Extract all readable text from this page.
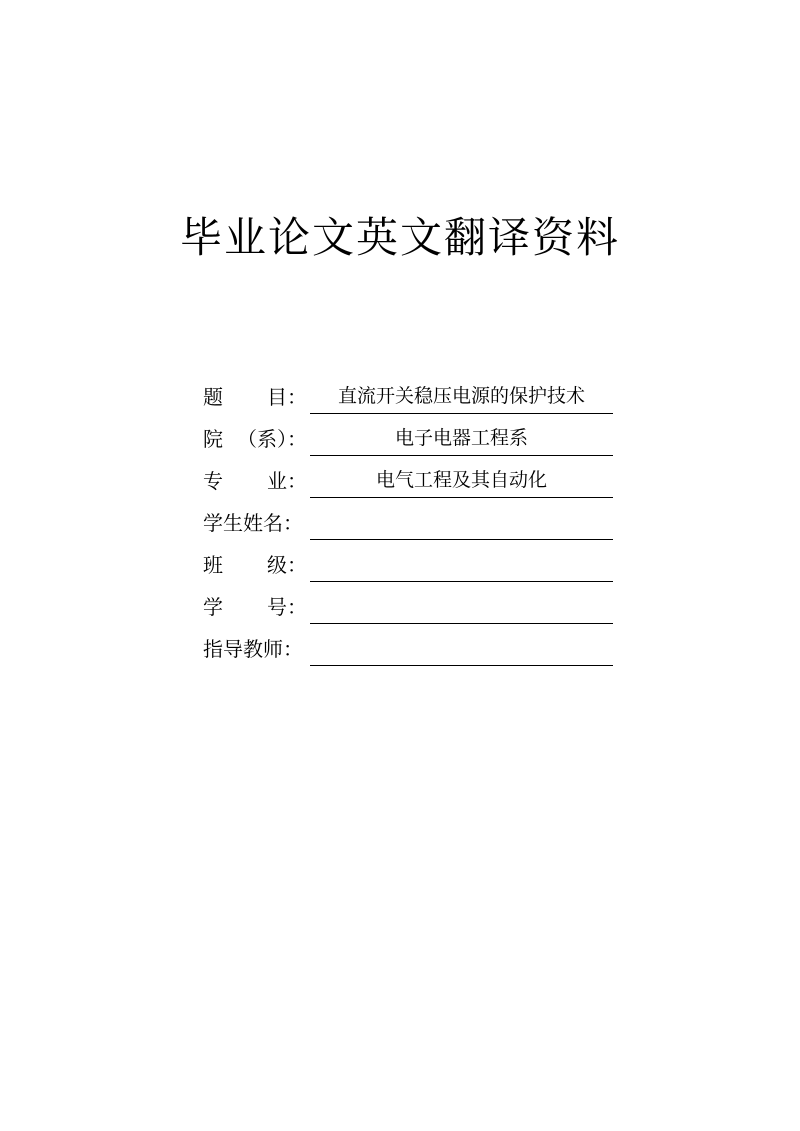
毕业论文英文翻译资料
题 目：	直流开关稳压电源的保护技术
院 （系）：	电子电器工程系
专 业：	电气工程及其自动化
学生姓名：
班 级：
学 号：
指导教师：
